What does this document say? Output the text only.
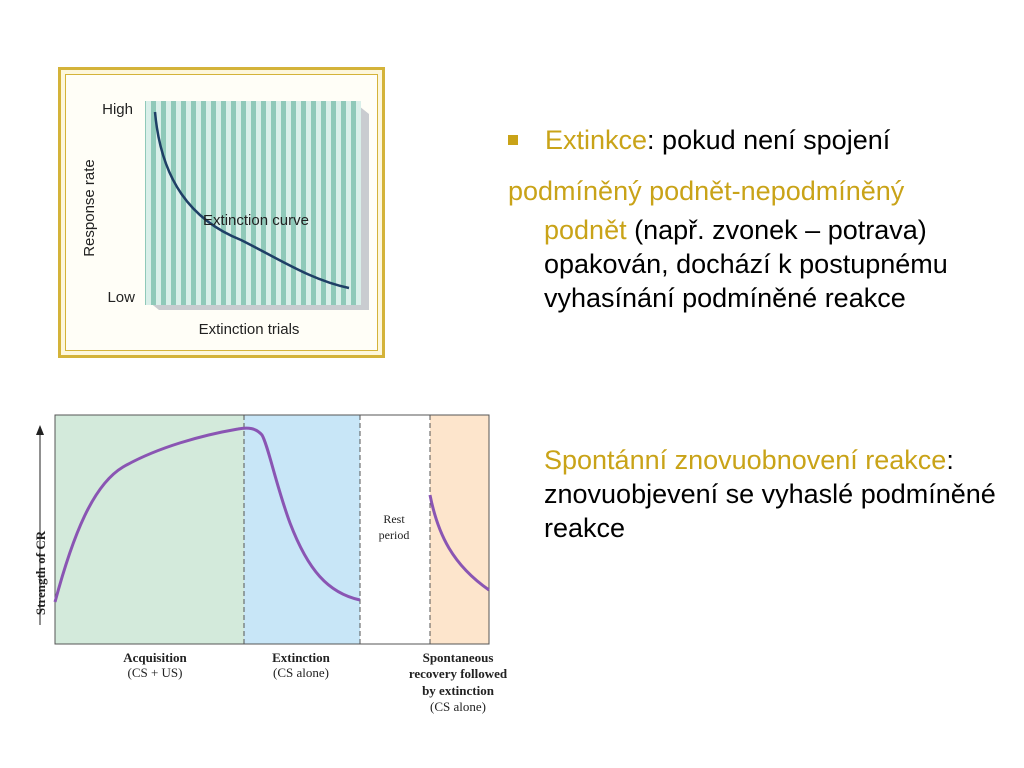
High
Low
Response rate
Extinction trials
Extinction curve
Strength of CR
Rest
period
Acquisition
(CS + US)
Extinction
(CS alone)
Spontaneous
recovery followed
by extinction
(CS alone)
Extinkce: pokud není spojení
podmíněný podnět-nepodmíněný
podnět (např. zvonek – potrava) opakován, dochází k postupnému vyhasínání podmíněné reakce
Spontánní znovuobnovení reakce: znovuobjevení se vyhaslé podmíněné reakce
